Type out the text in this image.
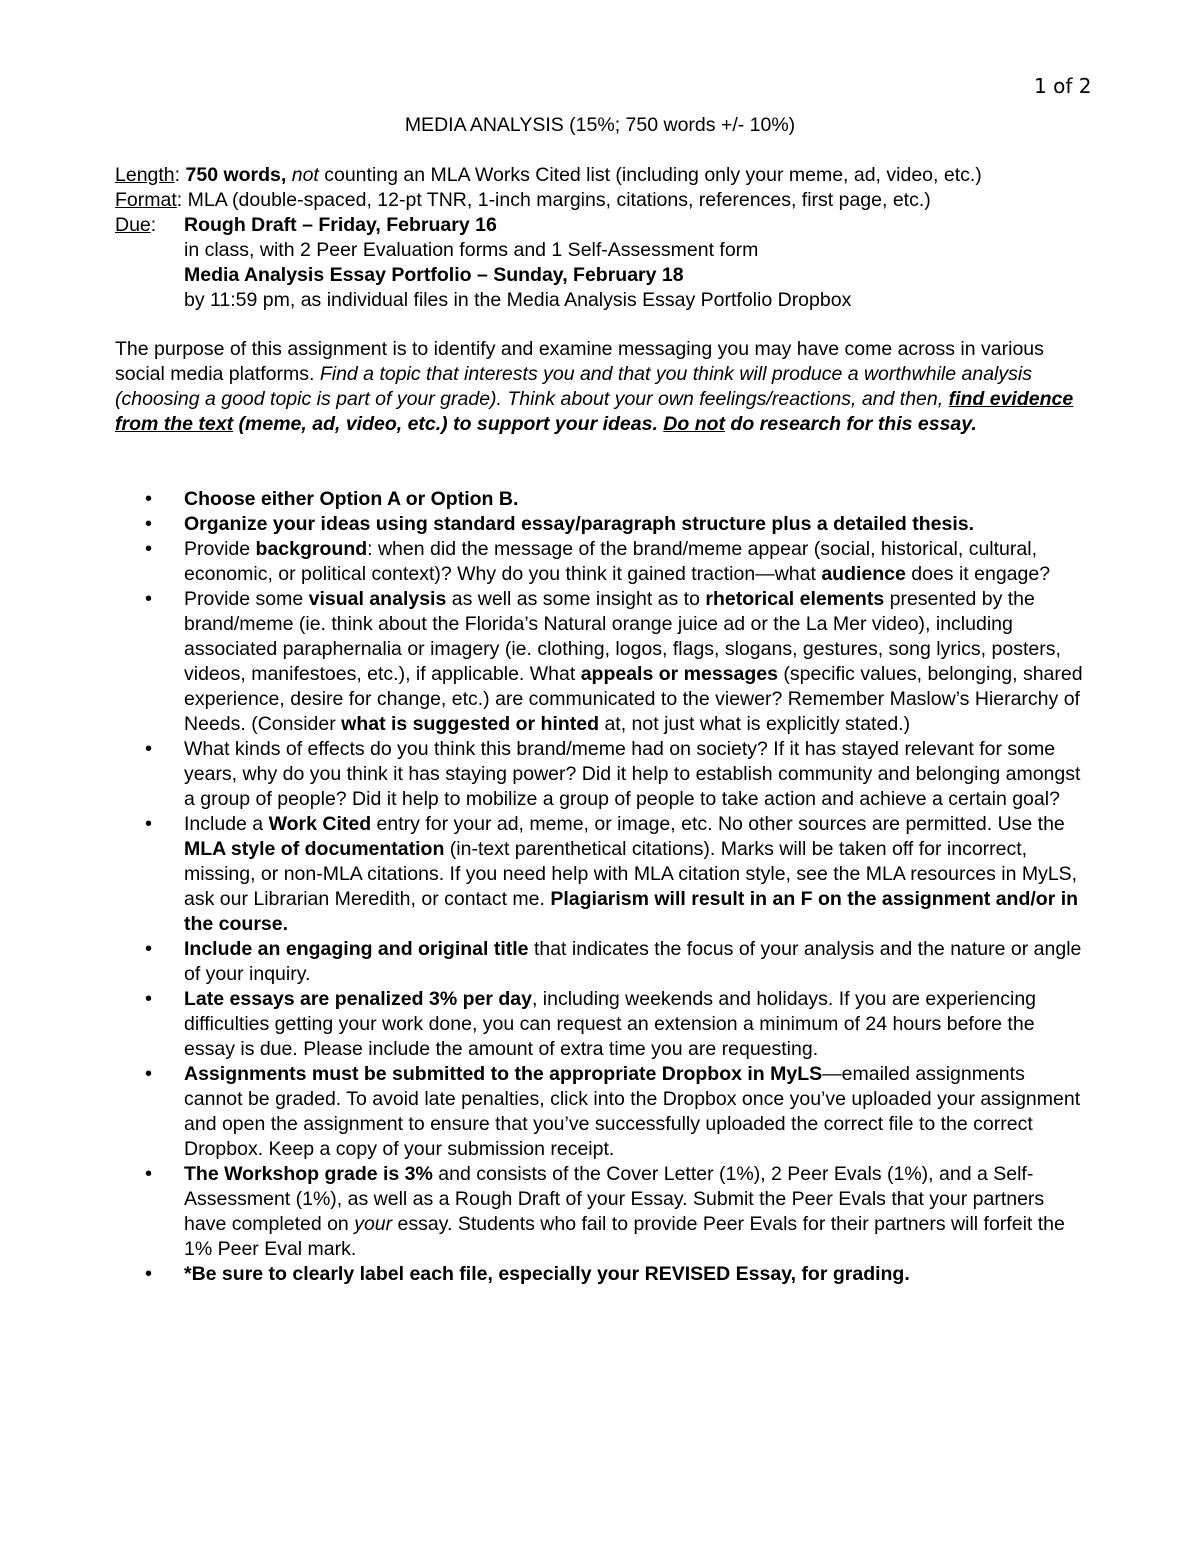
1 of 2
MEDIA ANALYSIS (15%; 750 words +/- 10%)
Length: 750 words, not counting an MLA Works Cited list (including only your meme, ad, video, etc.)
Format: MLA (double-spaced, 12-pt TNR, 1-inch margins, citations, references, first page, etc.)
Due: Rough Draft – Friday, February 16
in class, with 2 Peer Evaluation forms and 1 Self-Assessment form
Media Analysis Essay Portfolio – Sunday, February 18
by 11:59 pm, as individual files in the Media Analysis Essay Portfolio Dropbox

The purpose of this assignment is to identify and examine messaging you may have come across in various social media platforms. Find a topic that interests you and that you think will produce a worthwhile analysis (choosing a good topic is part of your grade). Think about your own feelings/reactions, and then, find evidence from the text (meme, ad, video, etc.) to support your ideas. Do not do research for this essay.

• Choose either Option A or Option B.
• Organize your ideas using standard essay/paragraph structure plus a detailed thesis.
• Provide background: when did the message of the brand/meme appear (social, historical, cultural, economic, or political context)? Why do you think it gained traction—what audience does it engage?
• Provide some visual analysis as well as some insight as to rhetorical elements presented by the brand/meme (ie. think about the Florida’s Natural orange juice ad or the La Mer video), including associated paraphernalia or imagery (ie. clothing, logos, flags, slogans, gestures, song lyrics, posters, videos, manifestoes, etc.), if applicable. What appeals or messages (specific values, belonging, shared experience, desire for change, etc.) are communicated to the viewer? Remember Maslow’s Hierarchy of Needs. (Consider what is suggested or hinted at, not just what is explicitly stated.)
• What kinds of effects do you think this brand/meme had on society? If it has stayed relevant for some years, why do you think it has staying power? Did it help to establish community and belonging amongst a group of people? Did it help to mobilize a group of people to take action and achieve a certain goal?
• Include a Work Cited entry for your ad, meme, or image, etc. No other sources are permitted. Use the MLA style of documentation (in-text parenthetical citations). Marks will be taken off for incorrect, missing, or non-MLA citations. If you need help with MLA citation style, see the MLA resources in MyLS, ask our Librarian Meredith, or contact me. Plagiarism will result in an F on the assignment and/or in the course.
• Include an engaging and original title that indicates the focus of your analysis and the nature or angle of your inquiry.
• Late essays are penalized 3% per day, including weekends and holidays. If you are experiencing difficulties getting your work done, you can request an extension a minimum of 24 hours before the essay is due. Please include the amount of extra time you are requesting.
• Assignments must be submitted to the appropriate Dropbox in MyLS—emailed assignments cannot be graded. To avoid late penalties, click into the Dropbox once you’ve uploaded your assignment and open the assignment to ensure that you’ve successfully uploaded the correct file to the correct Dropbox. Keep a copy of your submission receipt.
• The Workshop grade is 3% and consists of the Cover Letter (1%), 2 Peer Evals (1%), and a Self-Assessment (1%), as well as a Rough Draft of your Essay. Submit the Peer Evals that your partners have completed on your essay. Students who fail to provide Peer Evals for their partners will forfeit the 1% Peer Eval mark.
• *Be sure to clearly label each file, especially your REVISED Essay, for grading.
